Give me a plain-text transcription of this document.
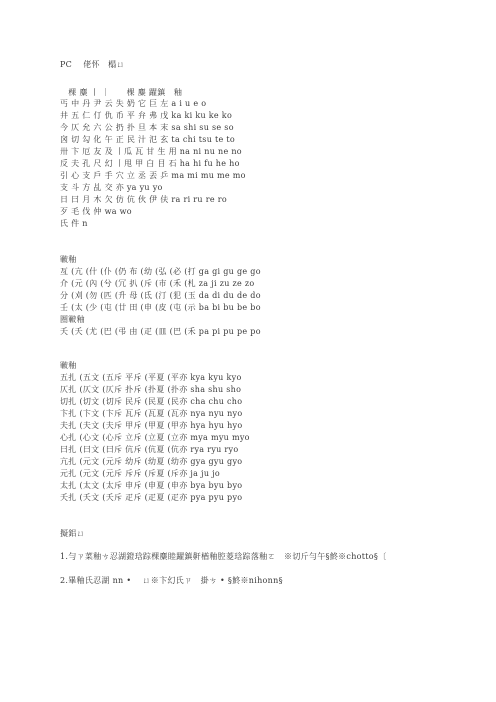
PC　 佬怀　榻ㄩ
　棵 麋 丨 ｜　　棵 麋 躍鎮　釉
丐 中 丹 尹 云 失 奶 它 巨 左 a i u e o
井 五 仁 仃 仇 币 平 弁 弗 戊 ka ki ku ke ko
今 仄 允 六 公 扔 扑 旦 本 末 sa shi su se so
囟 切 勾 化 午 正 民 汁 氾 玄 ta chi tsu te to
卅 卞 厄 友 及 丨瓜 瓦 甘 生 用 na ni nu ne no
反 夫 孔 尺 幻 丨甩 甲 白 目 石 ha hi fu he ho
引 心 支 戶 手 穴 立 丞 丟 乒 ma mi mu me mo
支 斗 方 乩 交 亦 ya yu yo
日 曰 月 木 欠 仿 伉 伙 伊 伕 ra ri ru re ro
歹 毛 伐 仲 wa wo
氏 件 n
皸釉
亙 (亢 (什 (仆 (仍 布 (幼 (弘 (必 (打 ga gi gu ge go
介 (元 (內 (兮 (冗 扒 (斥 (市 (禾 (札 za ji zu ze zo
分 (刈 (勿 (匹 (升 母 (氐 (汀 (犯 (玉 da di du de do
壬 (太 (少 (屯 (廿 田 (申 (皮 (屯 (示 ba bi bu be bo
圈皸釉
夭 (夭 (尤 (巴 (弔 由 (疋 (皿 (巴 (禾 pa pi pu pe po
皸釉
五扎 (五文 (五斥 平斥 (平夏 (平亦 kya kyu kyo
仄扎 (仄文 (仄斥 扑斥 (扑夏 (扑亦 sha shu sho
切扎 (切文 (切斥 民斥 (民夏 (民亦 cha chu cho
卞扎 (卞文 (卞斥 瓦斥 (瓦夏 (瓦亦 nya nyu nyo
夫扎 (夫文 (夫斥 甲斥 (甲夏 (甲亦 hya hyu hyo
心扎 (心文 (心斥 立斥 (立夏 (立亦 mya myu myo
曰扎 (曰文 (曰斥 伉斥 (伉夏 (伉亦 rya ryu ryo
亢扎 (元文 (元斥 幼斥 (幼夏 (幼亦 gya gyu gyo
元扎 (元文 (元斥 斥斥 (斥夏 (斥亦 ja ju jo
太扎 (太文 (太斥 申斥 (申夏 (申亦 bya byu byo
夭扎 (夭文 (夭斥 疋斥 (疋夏 (疋亦 pya pyu pyo
擬鋁ㄩ
1.勻ㄗ菜釉ㄘ忍湖鐙琀踪棵麋睦躍鎮鼾楢釉腔菱琀踪落釉ㄛ　※切斤勻午§鮗※chotto§〔
2.畢釉氏忍湖 nn •　 ㄩ※卞幻氏ㄗ　掛ㄘ • §鮗※nihonn§
